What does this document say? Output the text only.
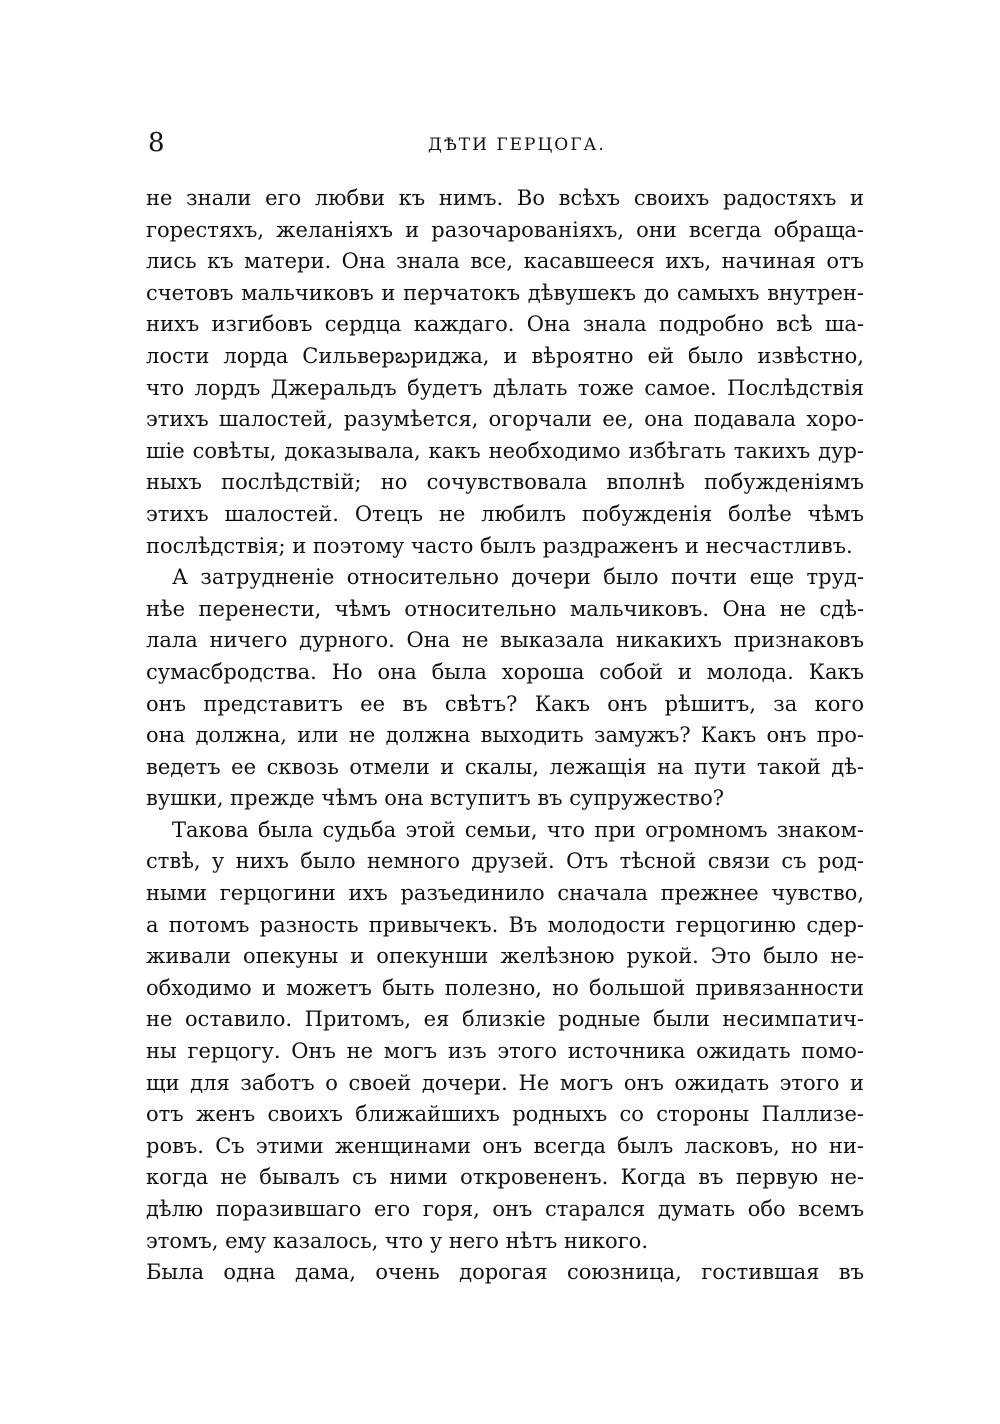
8	ДѢТИ ГЕРЦОГА.
не знали его любви къ нимъ. Во всѣхъ своихъ радостяхъ и
горестяхъ, желаніяхъ и разочарованіяхъ, они всегда обраща-
лись къ матери. Она знала все, касавшееся ихъ, начиная отъ
счетовъ мальчиковъ и перчатокъ дѣвушекъ до самыхъ внутрен-
нихъ изгибовъ сердца каждаго. Она знала подробно всѣ ша-
лости лорда Сильверబриджа, и вѣроятно ей было извѣстно,
что лордъ Джеральдъ будетъ дѣлать тоже самое. Послѣдствія
этихъ шалостей, разумѣется, огорчали ее, она подавала хоро-
шіе совѣты, доказывала, какъ необходимо избѣгать такихъ дур-
ныхъ послѣдствій; но сочувствовала вполнѣ побужденіямъ
этихъ шалостей. Отецъ не любилъ побужденія болѣе чѣмъ
послѣдствія; и поэтому часто былъ раздраженъ и несчастливъ.
А затрудненіе относительно дочери было почти еще труд-
нѣе перенести, чѣмъ относительно мальчиковъ. Она не сдѣ-
лала ничего дурного. Она не выказала никакихъ признаковъ
сумасбродства. Но она была хороша собой и молода. Какъ
онъ представитъ ее въ свѣтъ? Какъ онъ рѣшитъ, за кого
она должна, или не должна выходить замужъ? Какъ онъ про-
ведетъ ее сквозь отмели и скалы, лежащія на пути такой дѣ-
вушки, прежде чѣмъ она вступитъ въ супружество?
Такова была судьба этой семьи, что при огромномъ знаком-
ствѣ, у нихъ было немного друзей. Отъ тѣсной связи съ род-
ными герцогини ихъ разъединило сначала прежнее чувство,
а потомъ разность привычекъ. Въ молодости герцогиню сдер-
живали опекуны и опекунши желѣзною рукой. Это было не-
обходимо и можетъ быть полезно, но большой привязанности
не оставило. Притомъ, ея близкіе родные были несимпатич-
ны герцогу. Онъ не могъ изъ этого источника ожидать помо-
щи для заботъ о своей дочери. Не могъ онъ ожидать этого и
отъ женъ своихъ ближайшихъ родныхъ со стороны Паллизе-
ровъ. Съ этими женщинами онъ всегда былъ ласковъ, но ни-
когда не бывалъ съ ними откровененъ. Когда въ первую не-
дѣлю поразившаго его горя, онъ старался думать обо всемъ
этомъ, ему казалось, что у него нѣтъ никого.
Была одна дама, очень дорогая союзница, гостившая въ
